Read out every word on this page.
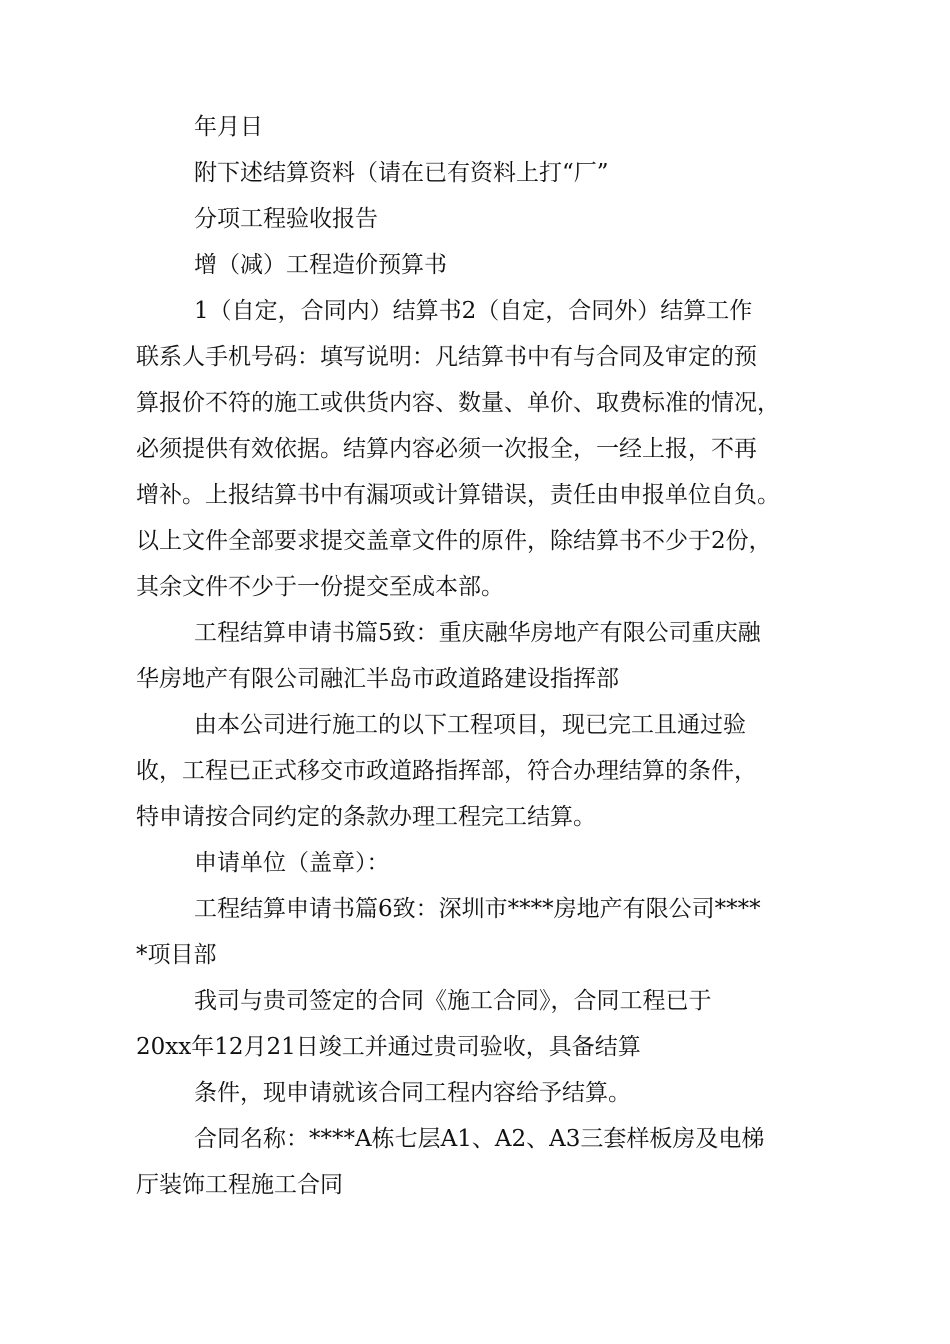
年月日
附下述结算资料（请在已有资料上打“厂”
分项工程验收报告
增（减）工程造价预算书
1（自定，合同内）结算书2（自定，合同外）结算工作
联系人手机号码：填写说明：凡结算书中有与合同及审定的预
算报价不符的施工或供货内容、数量、单价、取费标准的情况，
必须提供有效依据。结算内容必须一次报全，一经上报，不再
增补。上报结算书中有漏项或计算错误，责任由申报单位自负。
以上文件全部要求提交盖章文件的原件，除结算书不少于2份，
其余文件不少于一份提交至成本部。
工程结算申请书篇5致：重庆融华房地产有限公司重庆融
华房地产有限公司融汇半岛市政道路建设指挥部
由本公司进行施工的以下工程项目，现已完工且通过验
收，工程已正式移交市政道路指挥部，符合办理结算的条件，
特申请按合同约定的条款办理工程完工结算。
申请单位（盖章）：
工程结算申请书篇6致：深圳市****房地产有限公司****
*项目部
我司与贵司签定的合同《施工合同》，合同工程已于
20xx年12月21日竣工并通过贵司验收，具备结算
条件，现申请就该合同工程内容给予结算。
合同名称：****A栋七层A1、A2、A3三套样板房及电梯
厅装饰工程施工合同
